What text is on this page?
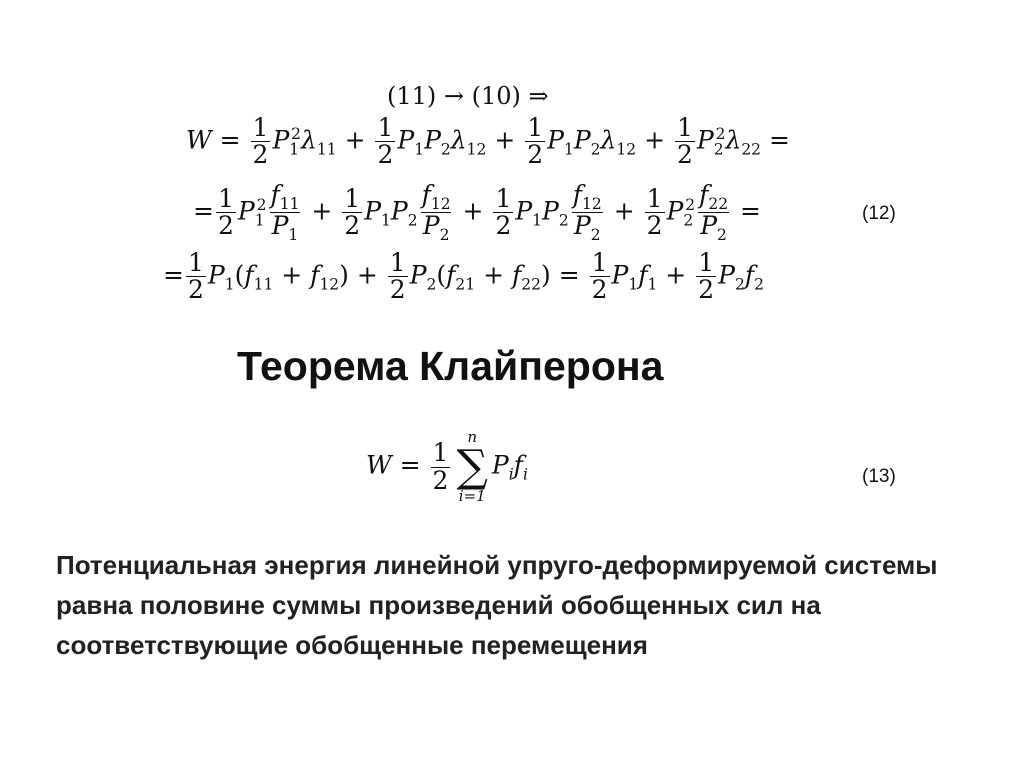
(11) → (10) ⇒
$W = \frac{1}{2} P_1^2\lambda_{11} + \frac{1}{2} P_1P_2\lambda_{12} + \frac{1}{2} P_1P_2\lambda_{12} + \frac{1}{2} P_2^2\lambda_{22}$ =
= $\frac{1}{2} P_1^2 \frac{f_{11}}{P_1} + \frac{1}{2} P_1P_2 \frac{f_{12}}{P_2} + \frac{1}{2} P_1P_2 \frac{f_{12}}{P_2} + \frac{1}{2} P_2^2 \frac{f_{22}}{P_2}$ =	(12)
= $\frac{1}{2} P_1(f_{11} + f_{12}) + \frac{1}{2} P_2(f_{21} + f_{22}) = \frac{1}{2} P_1f_1 + \frac{1}{2} P_2f_2$
Теорема Клайперона
$W = \frac{1}{2}$
n
∑
i=1
$P_if_i$	(13)
Потенциальная энергия линейной упруго-деформируемой системы равна половине суммы произведений обобщенных сил на соответствующие обобщенные перемещения
